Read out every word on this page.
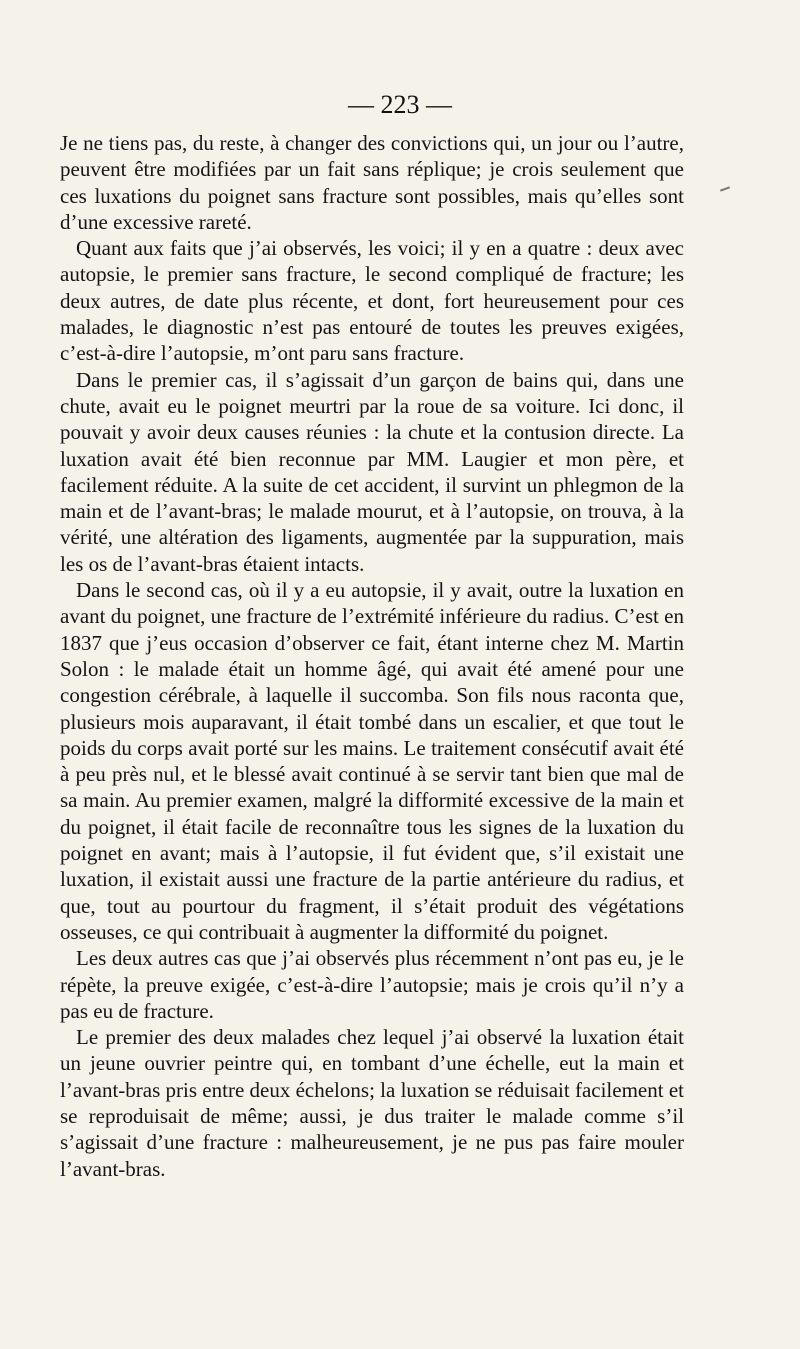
— 223 —

Je ne tiens pas, du reste, à changer des convictions qui, un jour ou l’autre, peuvent être modifiées par un fait sans réplique; je crois seulement que ces luxations du poignet sans fracture sont possibles, mais qu’elles sont d’une excessive rareté.

Quant aux faits que j’ai observés, les voici; il y en a quatre : deux avec autopsie, le premier sans fracture, le second compliqué de fracture; les deux autres, de date plus récente, et dont, fort heureusement pour ces malades, le diagnostic n’est pas entouré de toutes les preuves exigées, c’est-à-dire l’autopsie, m’ont paru sans fracture.

Dans le premier cas, il s’agissait d’un garçon de bains qui, dans une chute, avait eu le poignet meurtri par la roue de sa voiture. Ici donc, il pouvait y avoir deux causes réunies : la chute et la contusion directe. La luxation avait été bien reconnue par MM. Laugier et mon père, et facilement réduite. A la suite de cet accident, il survint un phlegmon de la main et de l’avant-bras; le malade mourut, et à l’autopsie, on trouva, à la vérité, une altération des ligaments, augmentée par la suppuration, mais les os de l’avant-bras étaient intacts.

Dans le second cas, où il y a eu autopsie, il y avait, outre la luxation en avant du poignet, une fracture de l’extrémité inférieure du radius. C’est en 1837 que j’eus occasion d’observer ce fait, étant interne chez M. Martin Solon : le malade était un homme âgé, qui avait été amené pour une congestion cérébrale, à laquelle il succomba. Son fils nous raconta que, plusieurs mois auparavant, il était tombé dans un escalier, et que tout le poids du corps avait porté sur les mains. Le traitement consécutif avait été à peu près nul, et le blessé avait continué à se servir tant bien que mal de sa main. Au premier examen, malgré la difformité excessive de la main et du poignet, il était facile de reconnaître tous les signes de la luxation du poignet en avant; mais à l’autopsie, il fut évident que, s’il existait une luxation, il existait aussi une fracture de la partie antérieure du radius, et que, tout au pourtour du fragment, il s’était produit des végétations osseuses, ce qui contribuait à augmenter la difformité du poignet.

Les deux autres cas que j’ai observés plus récemment n’ont pas eu, je le répète, la preuve exigée, c’est-à-dire l’autopsie; mais je crois qu’il n’y a pas eu de fracture.

Le premier des deux malades chez lequel j’ai observé la luxation était un jeune ouvrier peintre qui, en tombant d’une échelle, eut la main et l’avant-bras pris entre deux échelons; la luxation se réduisait facilement et se reproduisait de même; aussi, je dus traiter le malade comme s’il s’agissait d’une fracture : malheureusement, je ne pus pas faire mouler l’avant-bras.
